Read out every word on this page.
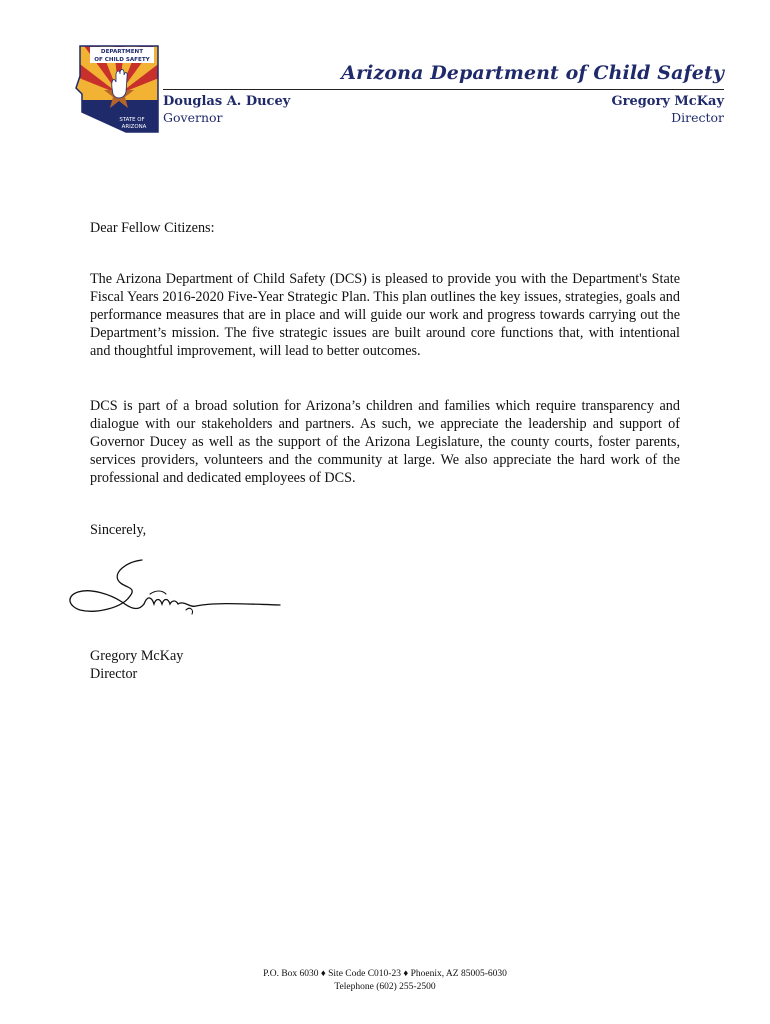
DEPARTMENT
OF CHILD SAFETY
STATE OF
ARIZONA
Arizona Department of Child Safety
Douglas A. Ducey
Governor
Gregory McKay
Director
Dear Fellow Citizens:
The Arizona Department of Child Safety (DCS) is pleased to provide you with the Department's State Fiscal Years 2016-2020 Five-Year Strategic Plan. This plan outlines the key issues, strategies, goals and performance measures that are in place and will guide our work and progress towards carrying out the Department’s mission. The five strategic issues are built around core functions that, with intentional and thoughtful improvement, will lead to better outcomes.
DCS is part of a broad solution for Arizona’s children and families which require transparency and dialogue with our stakeholders and partners. As such, we appreciate the leadership and support of Governor Ducey as well as the support of the Arizona Legislature, the county courts, foster parents, services providers, volunteers and the community at large. We also appreciate the hard work of the professional and dedicated employees of DCS.
Sincerely,
Gregory McKay
Director
P.O. Box 6030 ♦ Site Code C010-23 ♦ Phoenix, AZ 85005-6030
Telephone (602) 255-2500
